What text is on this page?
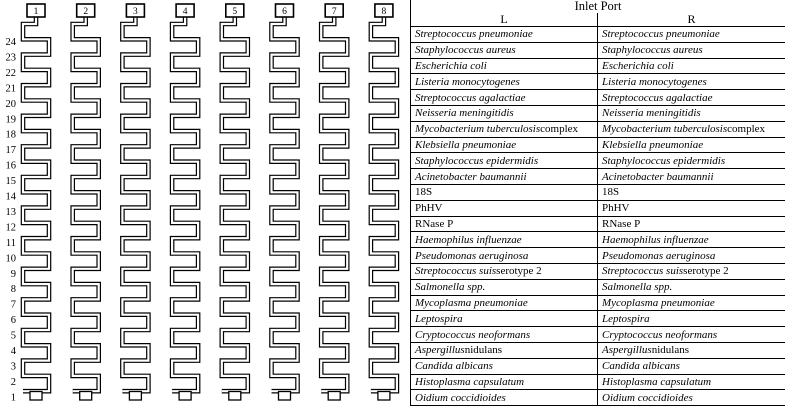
24
23
22
21
20
19
18
17
16
15
14
13
12
11
10
9
8
7
6
5
4
3
2
1
1	2	3	4	5	6	7	8	Inlet Port
L	R
Streptococcus pneumoniae	Streptococcus pneumoniae
Staphylococcus aureus	Staphylococcus aureus
Escherichia coli	Escherichia coli
Listeria monocytogenes	Listeria monocytogenes
Streptococcus agalactiae	Streptococcus agalactiae
Neisseria meningitidis	Neisseria meningitidis
Mycobacterium tuberculosis complex Mycobacterium tuberculosis complex
Klebsiella pneumoniae	Klebsiella pneumoniae
Staphylococcus epidermidis	Staphylococcus epidermidis
Acinetobacter baumannii	Acinetobacter baumannii
18S	18S
PhHV	PhHV
RNase P	RNase P
Haemophilus influenzae	Haemophilus influenzae
Pseudomonas aeruginosa	Pseudomonas aeruginosa
Streptococcus suis serotype 2	Streptococcus suis serotype 2
Salmonella spp.	Salmonella spp.
Mycoplasma pneumoniae	Mycoplasma pneumoniae
Leptospira	Leptospira
Cryptococcus neoformans	Cryptococcus neoformans
Aspergillus nidulans	Aspergillus nidulans
Candida albicans	Candida albicans
Histoplasma capsulatum	Histoplasma capsulatum
Oidium coccidioides	Oidium coccidioides
